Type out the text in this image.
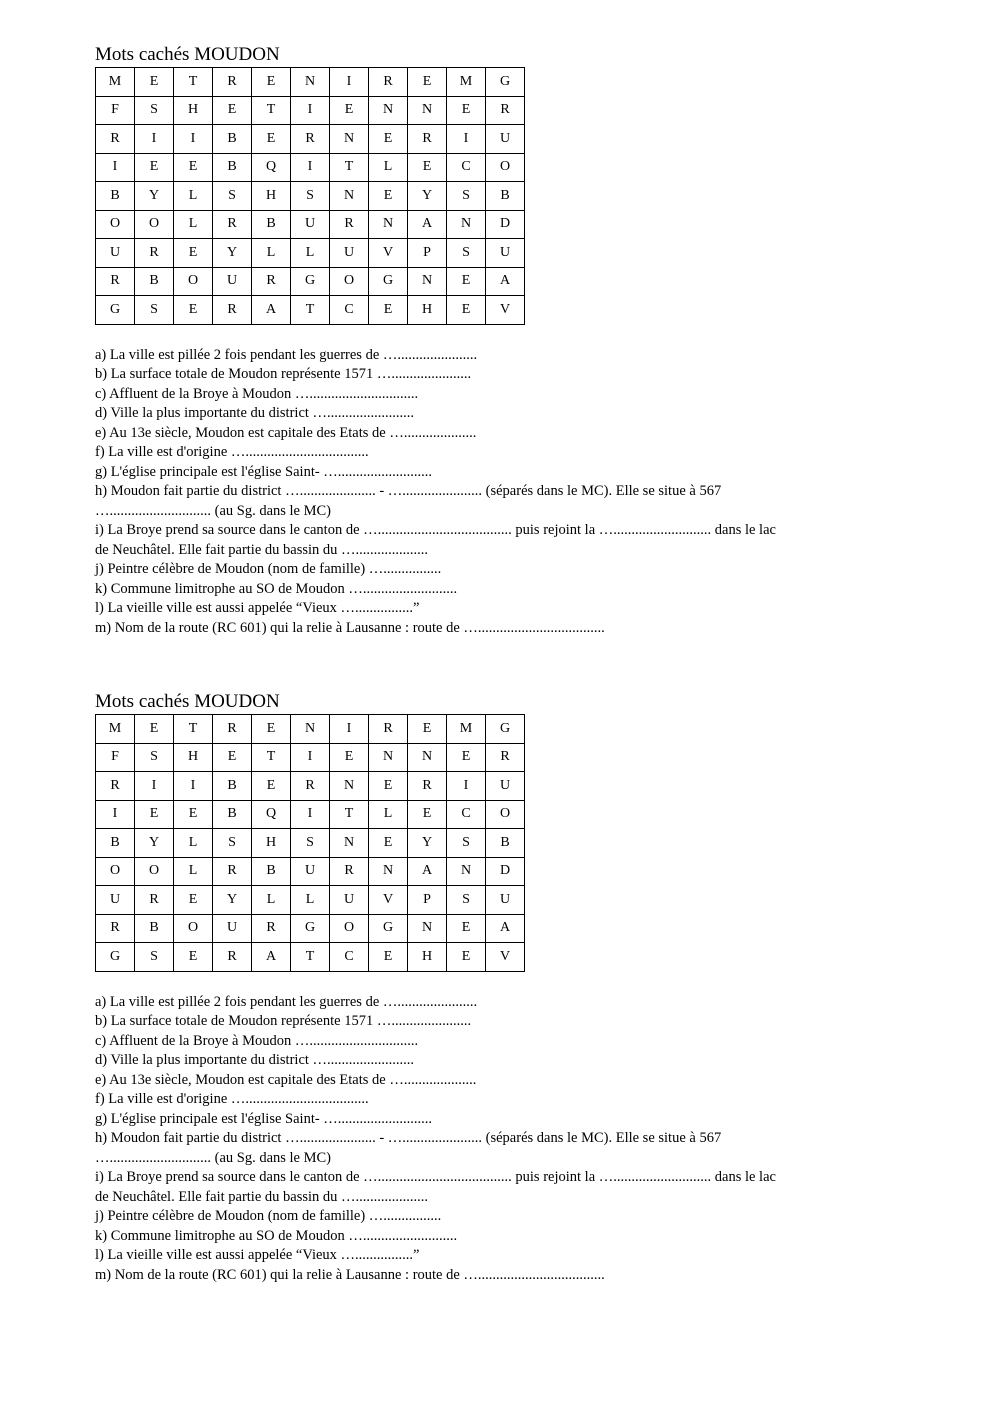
Mots cachés MOUDON
M	E	T	R	E	N	I	R	E	M	G
F	S	H	E	T	I	E	N	N	E	R
R	I	I	B	E	R	N	E	R	I	U
I	E	E	B	Q	I	T	L	E	C	O
B	Y	L	S	H	S	N	E	Y	S	B
O	O	L	R	B	U	R	N	A	N	D
U	R	E	Y	L	L	U	V	P	S	U
R	B	O	U	R	G	O	G	N	E	A
G	S	E	R	A	T	C	E	H	E	V
a) La ville est pillée 2 fois pendant les guerres de …......................
b) La surface totale de Moudon représente 1571 …......................
c) Affluent de la Broye à Moudon …..............................
d) Ville la plus importante du district …........................
e) Au 13e siècle, Moudon est capitale des Etats de …....................
f) La ville est d'origine …..................................
g) L'église principale est l'église Saint- …..........................
h) Moudon fait partie du district …..................... - …...................... (séparés dans le MC). Elle se situe à 567
…............................ (au Sg. dans le MC)
i) La Broye prend sa source dans le canton de …..................................... puis rejoint la …........................... dans le lac
de Neuchâtel. Elle fait partie du bassin du …....................
j) Peintre célèbre de Moudon (nom de famille) …................
k) Commune limitrophe au SO de Moudon …..........................
l) La vieille ville est aussi appelée “Vieux …................”
m) Nom de la route (RC 601) qui la relie à Lausanne : route de …...................................
Mots cachés MOUDON
M	E	T	R	E	N	I	R	E	M	G
F	S	H	E	T	I	E	N	N	E	R
R	I	I	B	E	R	N	E	R	I	U
I	E	E	B	Q	I	T	L	E	C	O
B	Y	L	S	H	S	N	E	Y	S	B
O	O	L	R	B	U	R	N	A	N	D
U	R	E	Y	L	L	U	V	P	S	U
R	B	O	U	R	G	O	G	N	E	A
G	S	E	R	A	T	C	E	H	E	V
a) La ville est pillée 2 fois pendant les guerres de …......................
b) La surface totale de Moudon représente 1571 …......................
c) Affluent de la Broye à Moudon …..............................
d) Ville la plus importante du district …........................
e) Au 13e siècle, Moudon est capitale des Etats de …....................
f) La ville est d'origine …..................................
g) L'église principale est l'église Saint- …..........................
h) Moudon fait partie du district …..................... - …...................... (séparés dans le MC). Elle se situe à 567
…............................ (au Sg. dans le MC)
i) La Broye prend sa source dans le canton de …..................................... puis rejoint la …........................... dans le lac
de Neuchâtel. Elle fait partie du bassin du …....................
j) Peintre célèbre de Moudon (nom de famille) …................
k) Commune limitrophe au SO de Moudon …..........................
l) La vieille ville est aussi appelée “Vieux …................”
m) Nom de la route (RC 601) qui la relie à Lausanne : route de …...................................
